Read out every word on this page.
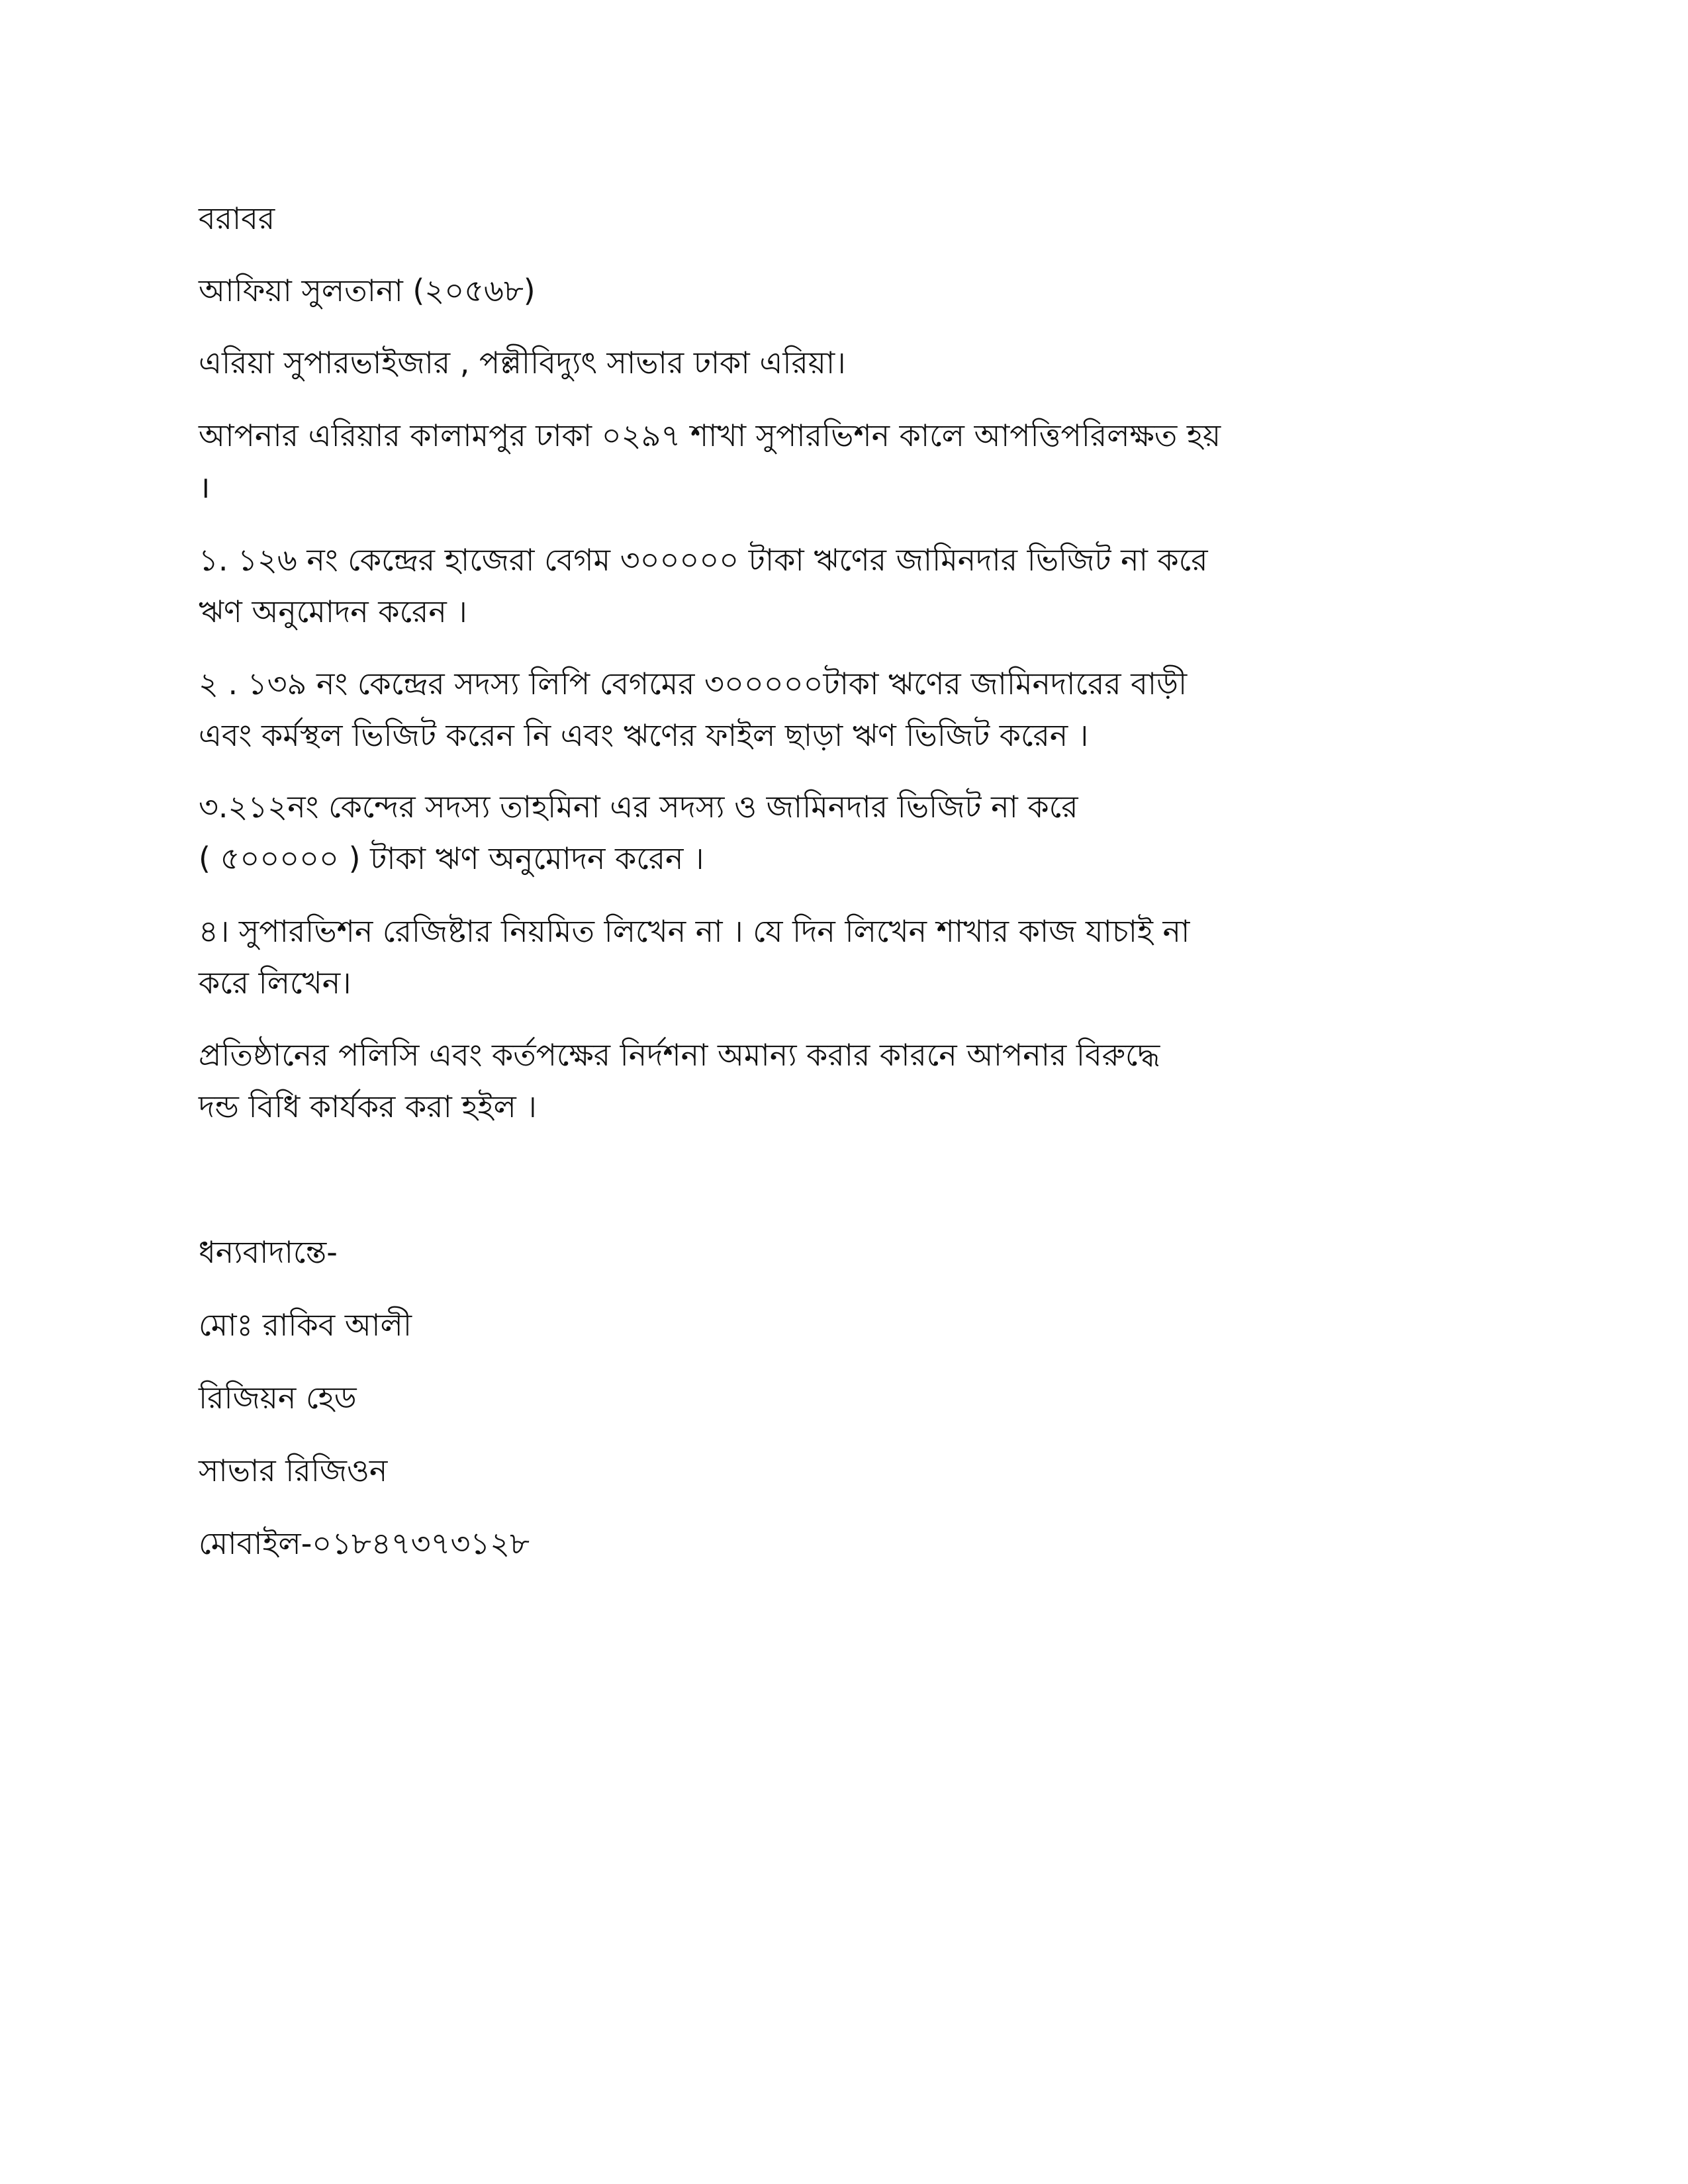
বরাবর
আফিয়া সুলতানা (২০৫৬৮)
এরিয়া সুপারভাইজার , পল্লীবিদ্যুৎ সাভার ঢাকা এরিয়া।
আপনার এরিয়ার কালামপুর ঢাকা ০২৯৭ শাখা সুপারভিশন কালে আপত্তিপরিলক্ষত হয়
।
১. ১২৬ নং কেন্দ্রের হাজেরা বেগম ৩০০০০০ টাকা ঋণের জামিনদার ভিজিট না করে
ঋণ অনুমোদন করেন ।
২ . ১৩৯ নং কেন্দ্রের সদস্য লিপি বেগমের ৩০০০০০টাকা ঋণের জামিনদারের বাড়ী
এবং কর্মস্থল ভিজিট করেন নি এবং ঋণের ফাইল ছাড়া ঋণ ভিজিট করেন ।
৩.২১২নং কেন্দের সদস্য তাহমিনা এর সদস্য ও জামিনদার ভিজিট না করে
( ৫০০০০০ ) টাকা ঋণ অনুমোদন করেন ।
৪। সুপারভিশন রেজিষ্টার নিয়মিত লিখেন না । যে দিন লিখেন শাখার কাজ যাচাই না
করে লিখেন।
প্রতিষ্ঠানের পলিসি এবং কর্তপক্ষের নির্দশনা অমান্য করার কারনে আপনার বিরুদ্ধে
দন্ড বিধি কার্যকর করা হইল ।
ধন্যবাদান্তে-
মোঃ রাকিব আলী
রিজিয়ন হেড
সাভার রিজিওন
মোবাইল-০১৮৪৭৩৭৩১২৮
